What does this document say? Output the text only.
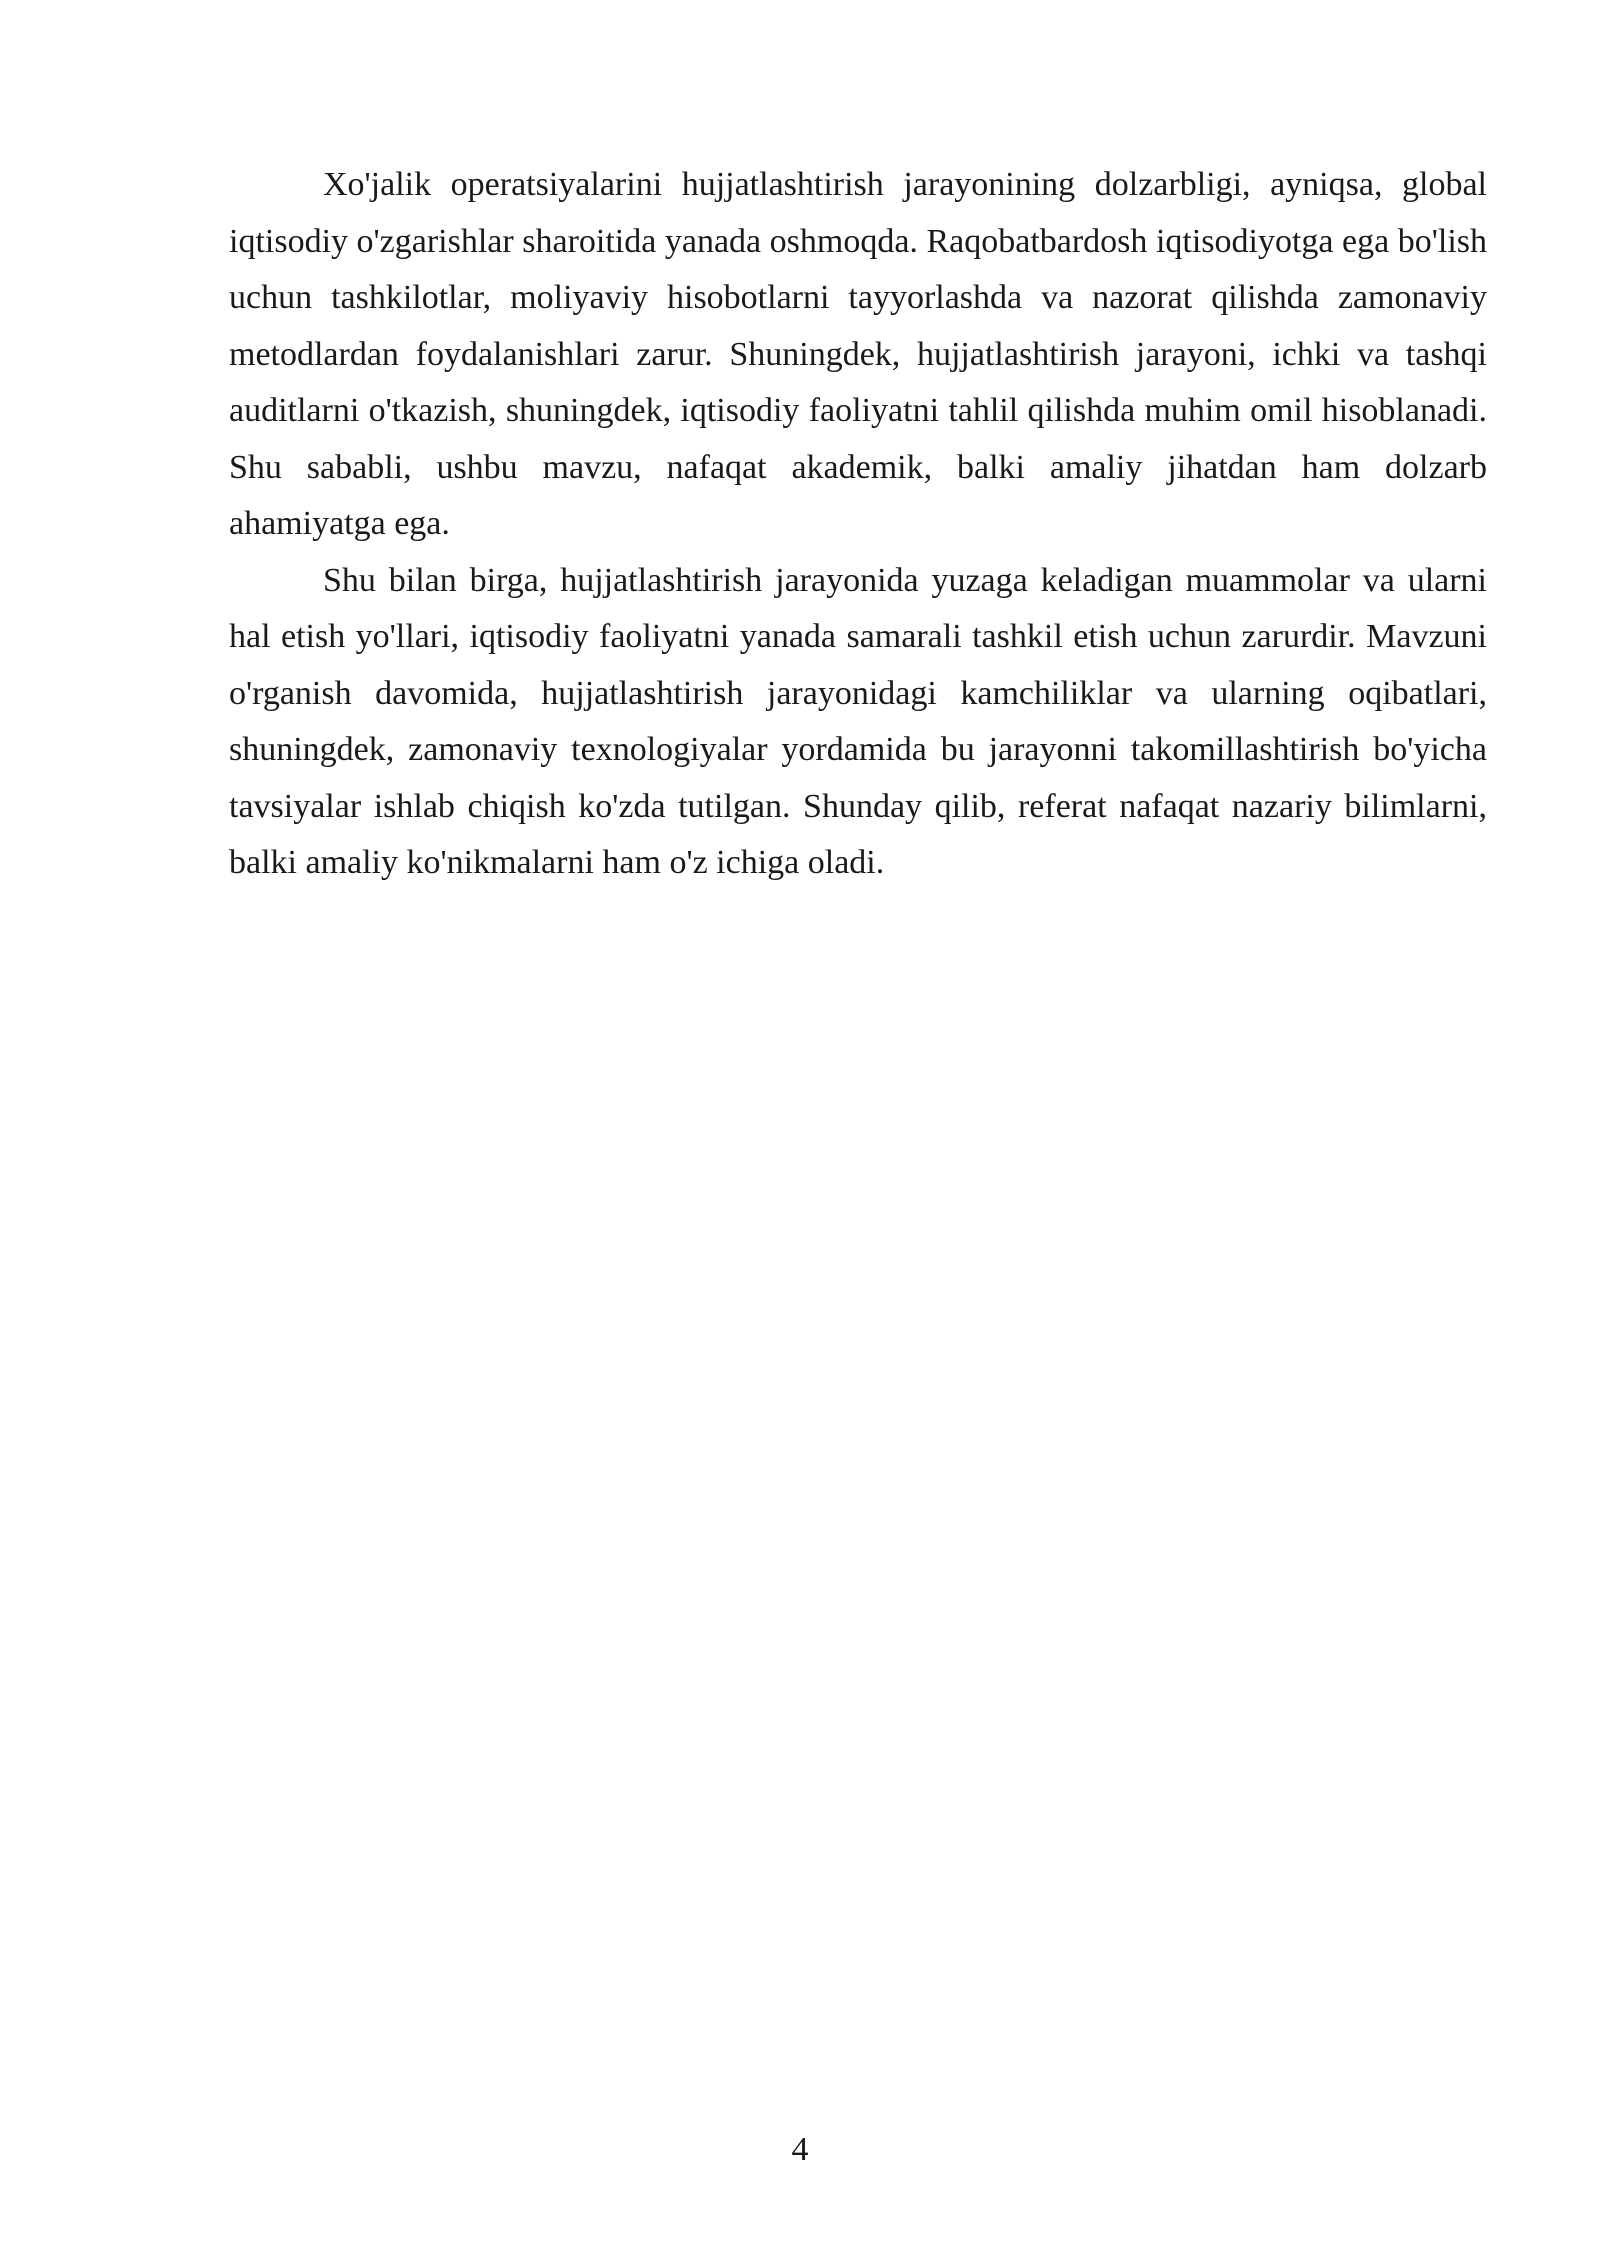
Xo'jalik operatsiyalarini hujjatlashtirish jarayonining dolzarbligi, ayniqsa, global iqtisodiy o'zgarishlar sharoitida yanada oshmoqda. Raqobatbardosh iqtisodiyotga ega bo'lish uchun tashkilotlar, moliyaviy hisobotlarni tayyorlashda va nazorat qilishda zamonaviy metodlardan foydalanishlari zarur. Shuningdek, hujjatlashtirish jarayoni, ichki va tashqi auditlarni o'tkazish, shuningdek, iqtisodiy faoliyatni tahlil qilishda muhim omil hisoblanadi. Shu sababli, ushbu mavzu, nafaqat akademik, balki amaliy jihatdan ham dolzarb ahamiyatga ega.

Shu bilan birga, hujjatlashtirish jarayonida yuzaga keladigan muammolar va ularni hal etish yo'llari, iqtisodiy faoliyatni yanada samarali tashkil etish uchun zarurdir. Mavzuni o'rganish davomida, hujjatlashtirish jarayonidagi kamchiliklar va ularning oqibatlari, shuningdek, zamonaviy texnologiyalar yordamida bu jarayonni takomillashtirish bo'yicha tavsiyalar ishlab chiqish ko'zda tutilgan. Shunday qilib, referat nafaqat nazariy bilimlarni, balki amaliy ko'nikmalarni ham o'z ichiga oladi.

4
